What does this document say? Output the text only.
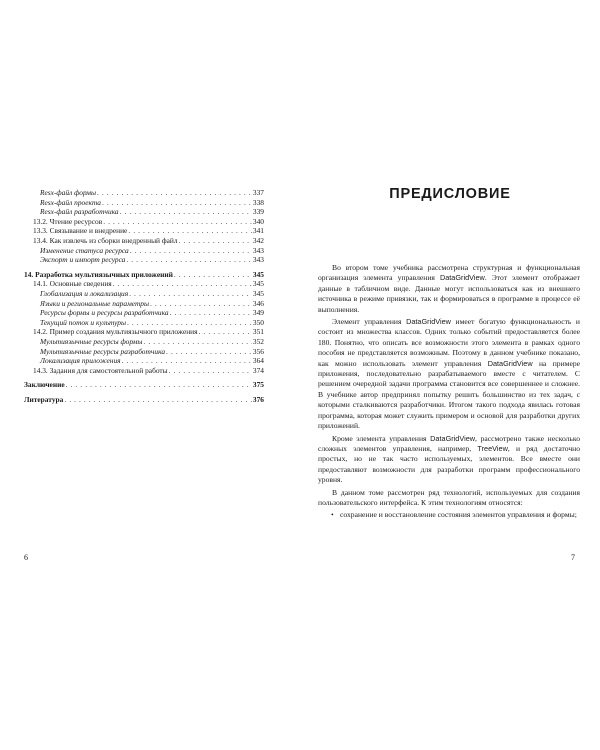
Resx-файл формы . . .	337
Resx-файл проекта . . .	338
Resx-файл разработчика . . .	339
13.2. Чтение ресурсов . . .	340
13.3. Связывание и внедрение . . .	341
13.4. Как извлечь из сборки внедренный файл . . .	342
Изменение статуса ресурса . . .	343
Экспорт и импорт ресурса . . .	343
14. Разработка мультиязычных приложений . . .	345
14.1. Основные сведения . . .	345
Глобализация и локализация . . .	345
Языки и региональные параметры . . .	346
Ресурсы формы и ресурсы разработчика . . .	349
Текущий поток и культуры . . .	350
14.2. Пример создания мультиязычного приложения . . .	351
Мультиязычные ресурсы формы . . .	352
Мультиязычные ресурсы разработчика . . .	356
Локализация приложения . . .	364
14.3. Задания для самостоятельной работы . . .	374
Заключение . . .	375
Литература . . .	376
6
ПРЕДИСЛОВИЕ

Во втором томе учебника рассмотрена структурная и функциональная организация элемента управления DataGridView. Этот элемент отображает данные в табличном виде. Данные могут использоваться как из внешнего источника в режиме привязки, так и формироваться в программе в процессе её выполнения.

Элемент управления DataGridView имеет богатую функциональность и состоит из множества классов. Одних только событий предоставляется более 180. Понятно, что описать все возможности этого элемента в рамках одного пособия не представляется возможным. Поэтому в данном учебнике показано, как можно использовать элемент управления DataGridView на примере приложения, последовательно разрабатываемого вместе с читателем. С решением очередной задачи программа становится все совершеннее и сложнее. В учебнике автор предпринял попытку решить большинство из тех задач, с которыми сталкиваются разработчики. Итогом такого подхода явилась готовая программа, которая может служить примером и основой для разработки других приложений.

Кроме элемента управления DataGridView, рассмотрено также несколько сложных элементов управления, например, TreeView, и ряд достаточно простых, но не так часто используемых, элементов. Все вместе они предоставляют возможности для разработки программ профессионального уровня.

В данном томе рассмотрен ряд технологий, используемых для создания пользовательского интерфейса. К этим технологиям относятся:

• сохранение и восстановление состояния элементов управления и формы;
7
